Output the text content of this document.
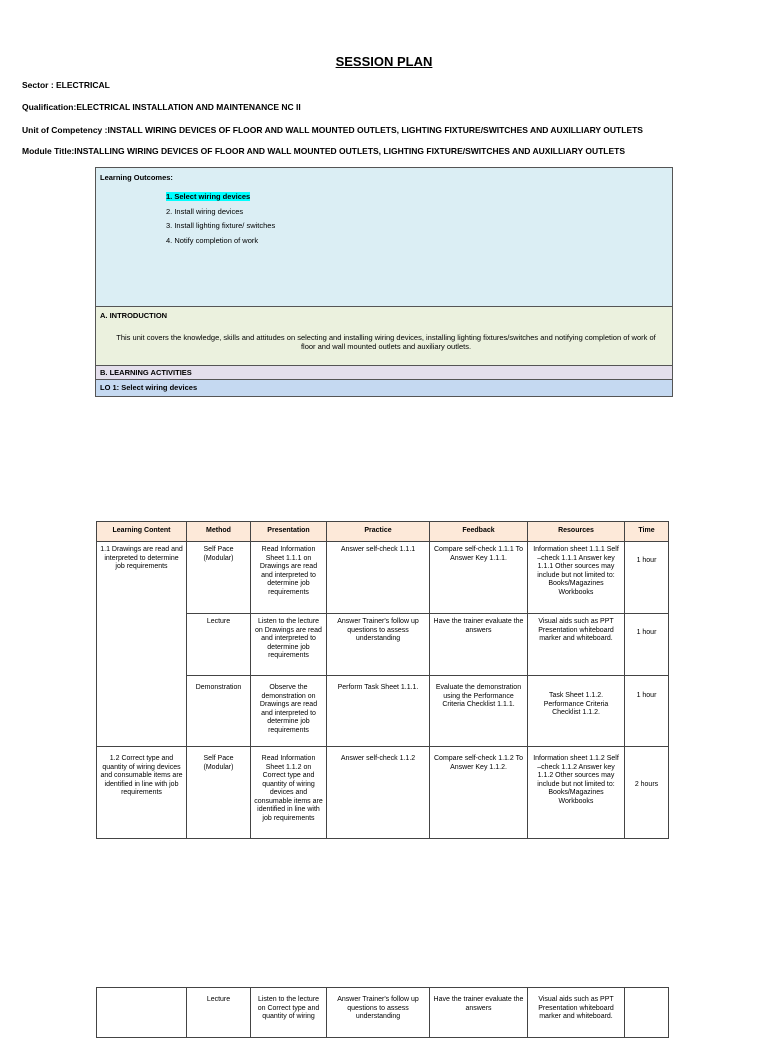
SESSION PLAN
Sector : ELECTRICAL
Qualification:ELECTRICAL INSTALLATION AND MAINTENANCE NC II
Unit of Competency :INSTALL WIRING DEVICES OF FLOOR AND WALL MOUNTED OUTLETS, LIGHTING FIXTURE/SWITCHES AND AUXILLIARY OUTLETS
Module Title:INSTALLING WIRING DEVICES OF FLOOR AND WALL MOUNTED OUTLETS, LIGHTING FIXTURE/SWITCHES AND AUXILLIARY OUTLETS
Learning Outcomes:
1. Select wiring devices
2. Install wiring devices
3. Install lighting fixture/ switches
4. Notify completion of work
A. INTRODUCTION
This unit covers the knowledge, skills and attitudes on selecting and installing wiring devices, installing lighting fixtures/switches and notifying completion of work of floor and wall mounted outlets and auxiliary outlets.
B. LEARNING ACTIVITIES
LO 1: Select wiring devices
Learning Content	Method	Presentation	Practice	Feedback	Resources	Time
1.1 Drawings are read and interpreted to determine job requirements	Self Pace (Modular)	Read Information Sheet 1.1.1 on Drawings are read and interpreted to determine job requirements	Answer self-check 1.1.1	Compare self-check 1.1.1 To Answer Key 1.1.1.	Information sheet 1.1.1 Self –check 1.1.1 Answer key 1.1.1 Other sources may include but not limited to: Books/Magazines Workbooks	1 hour
	Lecture	Listen to the lecture on Drawings are read and interpreted to determine job requirements	Answer Trainer's follow up questions to assess understanding	Have the trainer evaluate the answers	Visual aids such as PPT Presentation whiteboard marker and whiteboard.	1 hour
	Demonstration	Observe the demonstration on Drawings are read and interpreted to determine job requirements	Perform Task Sheet 1.1.1.	Evaluate the demonstration using the Performance Criteria Checklist 1.1.1.	Task Sheet 1.1.2. Performance Criteria Checklist 1.1.2.	1 hour
1.2 Correct type and quantity of wiring devices and consumable items are identified in line with job requirements	Self Pace (Modular)	Read Information Sheet 1.1.2 on Correct type and quantity of wiring devices and consumable items are identified in line with job requirements	Answer self-check 1.1.2	Compare self-check 1.1.2 To Answer Key 1.1.2.	Information sheet 1.1.2 Self –check 1.1.2 Answer key 1.1.2 Other sources may include but not limited to: Books/Magazines Workbooks	2 hours
	Lecture	Listen to the lecture on Correct type and quantity of wiring	Answer Trainer's follow up questions to assess understanding	Have the trainer evaluate the answers	Visual aids such as PPT Presentation whiteboard marker and whiteboard.	
